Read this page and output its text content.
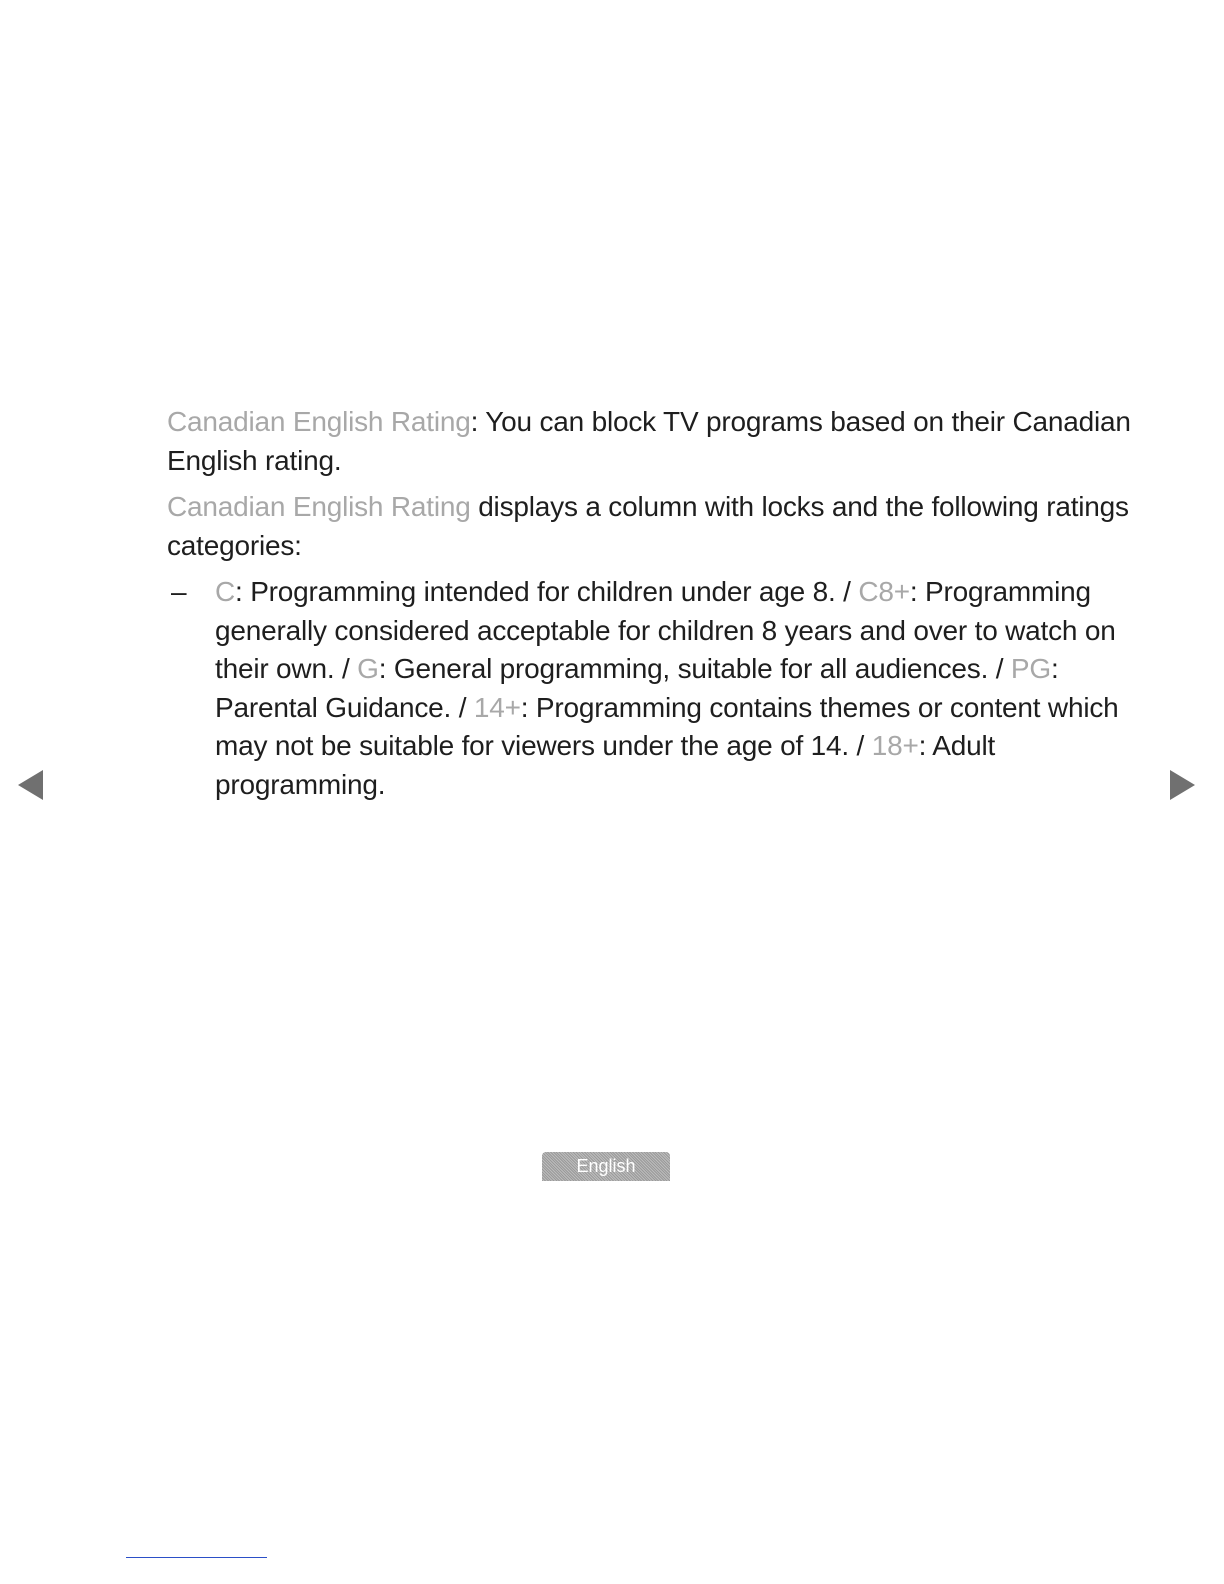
Canadian English Rating: You can block TV programs based on their Canadian English rating.

Canadian English Rating displays a column with locks and the following ratings categories:

– C: Programming intended for children under age 8. / C8+: Programming generally considered acceptable for children 8 years and over to watch on their own. / G: General programming, suitable for all audiences. / PG: Parental Guidance. / 14+: Programming contains themes or content which may not be suitable for viewers under the age of 14. / 18+: Adult programming.
English
